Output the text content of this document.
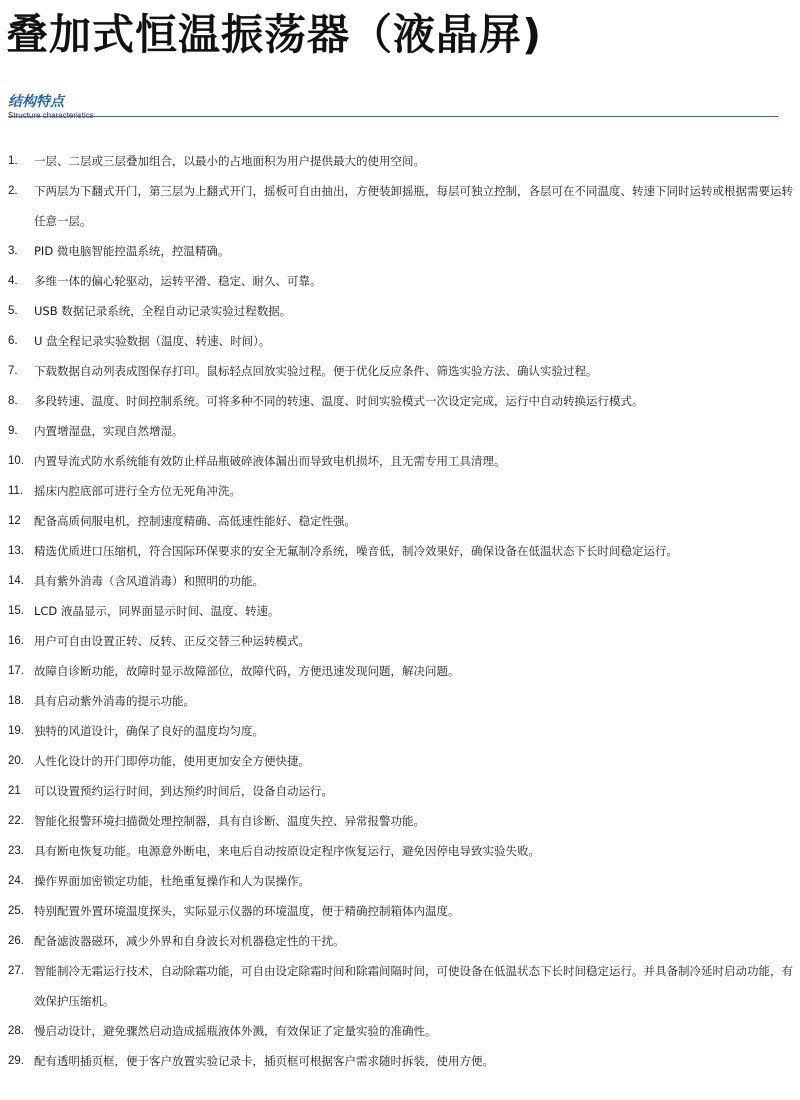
叠加式恒温振荡器（液晶屏)
结构特点
1.	一层、二层或三层叠加组合，以最小的占地面积为用户提供最大的使用空间。
2.	下两层为下翻式开门，第三层为上翻式开门，摇板可自由抽出，方便装卸摇瓶，每层可独立控制，各层可在不同温度、转速下同时运转或根据需要运转任意一层。
3.	PID 微电脑智能控温系统，控温精确。
4.	多维一体的偏心轮驱动，运转平滑、稳定、耐久、可靠。
5.	USB 数据记录系统，全程自动记录实验过程数据。
6.	U 盘全程记录实验数据（温度、转速、时间）。
7.	下载数据自动列表成图保存打印。鼠标轻点回放实验过程。便于优化反应条件、筛选实验方法、确认实验过程。
8.	多段转速、温度、时间控制系统。可将多种不同的转速、温度、时间实验模式一次设定完成，运行中自动转换运行模式。
9.	内置增湿盘，实现自然增湿。
10. 内置导流式防水系统能有效防止样品瓶破碎液体漏出而导致电机损坏，且无需专用工具清理。
11. 摇床内腔底部可进行全方位无死角冲洗。
12	配备高质伺服电机，控制速度精确、高低速性能好、稳定性强。
13. 精选优质进口压缩机，符合国际环保要求的安全无氟制冷系统，噪音低，制冷效果好，确保设备在低温状态下长时间稳定运行。
14. 具有紫外消毒（含风道消毒）和照明的功能。
15. LCD 液晶显示，同界面显示时间、温度、转速。
16. 用户可自由设置正转、反转、正反交替三种运转模式。
17. 故障自诊断功能，故障时显示故障部位，故障代码，方便迅速发现问题，解决问题。
18. 具有启动紫外消毒的提示功能。
19. 独特的风道设计，确保了良好的温度均匀度。
20. 人性化设计的开门即停功能，使用更加安全方便快捷。
21	可以设置预约运行时间，到达预约时间后，设备自动运行。
22. 智能化报警环境扫描微处理控制器，具有自诊断、温度失控、异常报警功能。
23. 具有断电恢复功能。电源意外断电，来电后自动按原设定程序恢复运行，避免因停电导致实验失败。
24. 操作界面加密锁定功能，杜绝重复操作和人为误操作。
25. 特别配置外置环境温度探头，实际显示仪器的环境温度，便于精确控制箱体内温度。
26. 配备滤波器磁环，减少外界和自身波长对机器稳定性的干扰。
27. 智能制冷无霜运行技术，自动除霜功能，可自由设定除霜时间和除霜间隔时间，可使设备在低温状态下长时间稳定运行。并具备制冷延时启动功能，有效保护压缩机。
28. 慢启动设计，避免骤然启动造成摇瓶液体外溅，有效保证了定量实验的准确性。
29. 配有透明插页框，便于客户放置实验记录卡，插页框可根据客户需求随时拆装，使用方便。
